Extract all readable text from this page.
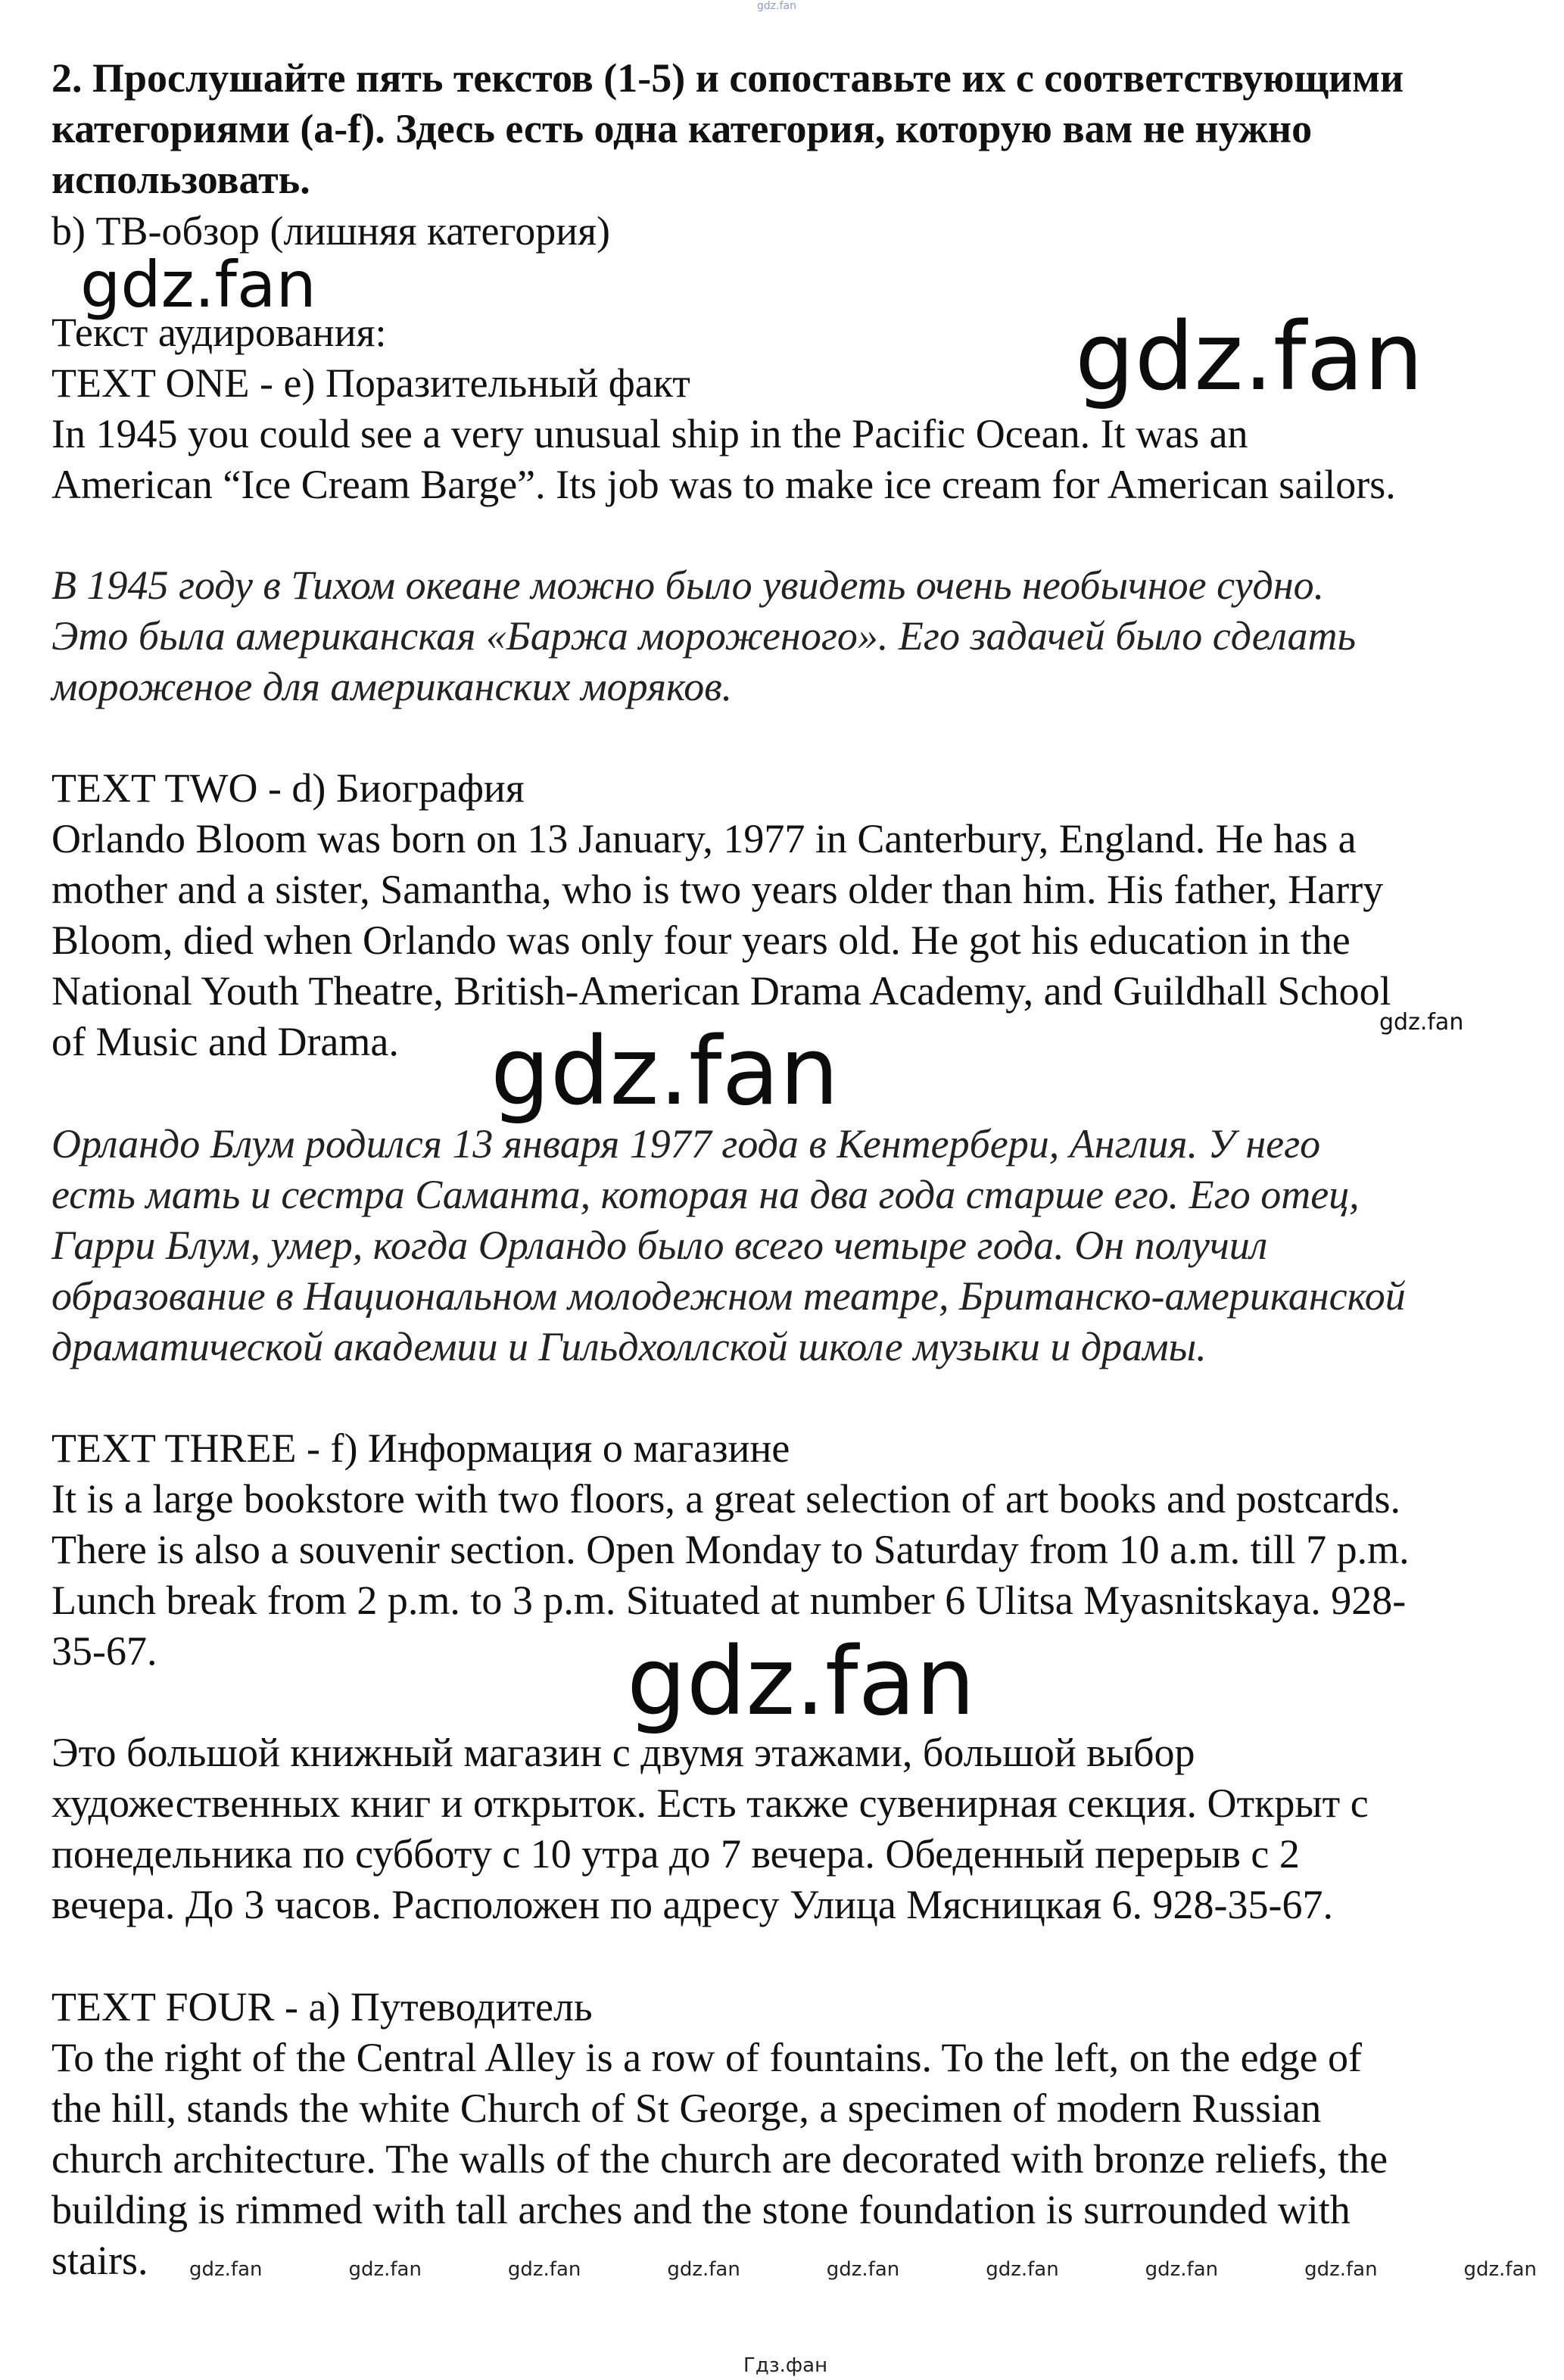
gdz.fan

2. Прослушайте пять текстов (1-5) и сопоставьте их с соответствующими категориями (a-f). Здесь есть одна категория, которую вам не нужно использовать.

b) ТВ-обзор (лишняя категория)

Текст аудирования:

TEXT ONE - e) Поразительный факт

In 1945 you could see a very unusual ship in the Pacific Ocean. It was an
American “Ice Cream Barge”. Its job was to make ice cream for American sailors.

В 1945 году в Тихом океане можно было увидеть очень необычное судно.
Это была американская «Баржа мороженого». Его задачей было сделать
мороженое для американских моряков.

TEXT TWO - d) Биография

Orlando Bloom was born on 13 January, 1977 in Canterbury, England. He has a
mother and a sister, Samantha, who is two years older than him. His father, Harry
Bloom, died when Orlando was only four years old. He got his education in the
National Youth Theatre, British-American Drama Academy, and Guildhall School
of Music and Drama.

Орландо Блум родился 13 января 1977 года в Кентербери, Англия. У него
есть мать и сестра Саманта, которая на два года старше его. Его отец,
Гарри Блум, умер, когда Орландо было всего четыре года. Он получил
образование в Национальном молодежном театре, Британско-американской
драматической академии и Гильдхоллской школе музыки и драмы.

TEXT THREE - f) Информация о магазине

It is a large bookstore with two floors, a great selection of art books and postcards.
There is also a souvenir section. Open Monday to Saturday from 10 a.m. till 7 p.m.
Lunch break from 2 p.m. to 3 p.m. Situated at number 6 Ulitsa Myasnitskaya. 928-
35-67.

Это большой книжный магазин с двумя этажами, большой выбор
художественных книг и открыток. Есть также сувенирная секция. Открыт с
понедельника по субботу с 10 утра до 7 вечера. Обеденный перерыв с 2
вечера. До 3 часов. Расположен по адресу Улица Мясницкая 6. 928-35-67.

TEXT FOUR - a) Путеводитель

To the right of the Central Alley is a row of fountains. To the left, on the edge of
the hill, stands the white Church of St George, a specimen of modern Russian
church architecture. The walls of the church are decorated with bronze reliefs, the
building is rimmed with tall arches and the stone foundation is surrounded with
stairs.

gdz.fan
gdz.fan
gdz.fan	gdz.fan
gdz.fan
gdz.fan	gdz.fan	gdz.fan	gdz.fan	gdz.fan	gdz.fan	gdz.fan	gdz.fan	gdz.fan
Гдз.фан
